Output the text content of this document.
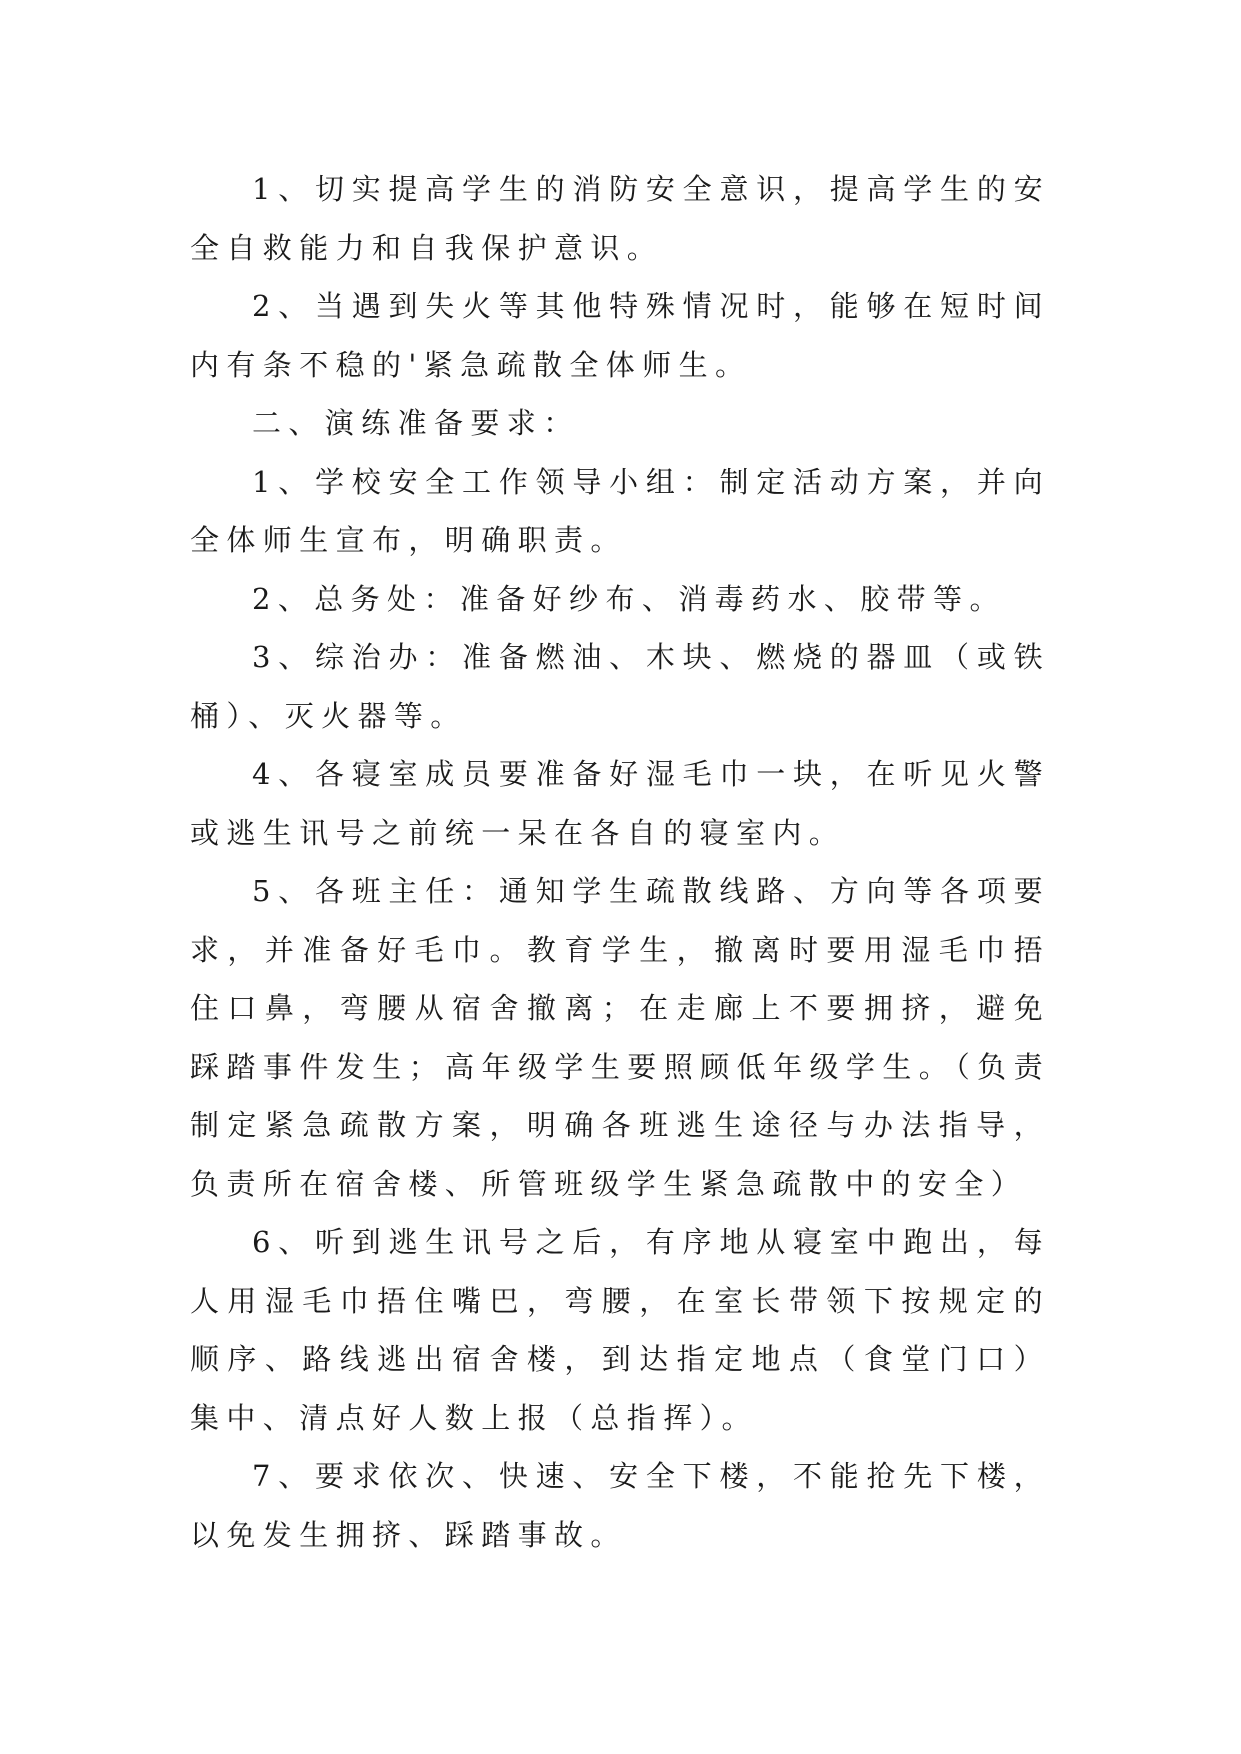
1、切实提高学生的消防安全意识，提高学生的安全自救能力和自我保护意识。

2、当遇到失火等其他特殊情况时，能够在短时间内有条不稳的'紧急疏散全体师生。

二、演练准备要求：

1、学校安全工作领导小组：制定活动方案，并向全体师生宣布，明确职责。

2、总务处：准备好纱布、消毒药水、胶带等。

3、综治办：准备燃油、木块、燃烧的器皿（或铁桶）、灭火器等。

4、各寝室成员要准备好湿毛巾一块，在听见火警或逃生讯号之前统一呆在各自的寝室内。

5、各班主任：通知学生疏散线路、方向等各项要求，并准备好毛巾。教育学生，撤离时要用湿毛巾捂住口鼻，弯腰从宿舍撤离；在走廊上不要拥挤，避免踩踏事件发生；高年级学生要照顾低年级学生。（负责制定紧急疏散方案，明确各班逃生途径与办法指导，负责所在宿舍楼、所管班级学生紧急疏散中的安全）

6、听到逃生讯号之后，有序地从寝室中跑出，每人用湿毛巾捂住嘴巴，弯腰，在室长带领下按规定的顺序、路线逃出宿舍楼，到达指定地点（食堂门口）集中、清点好人数上报（总指挥）。

7、要求依次、快速、安全下楼，不能抢先下楼，以免发生拥挤、踩踏事故。
